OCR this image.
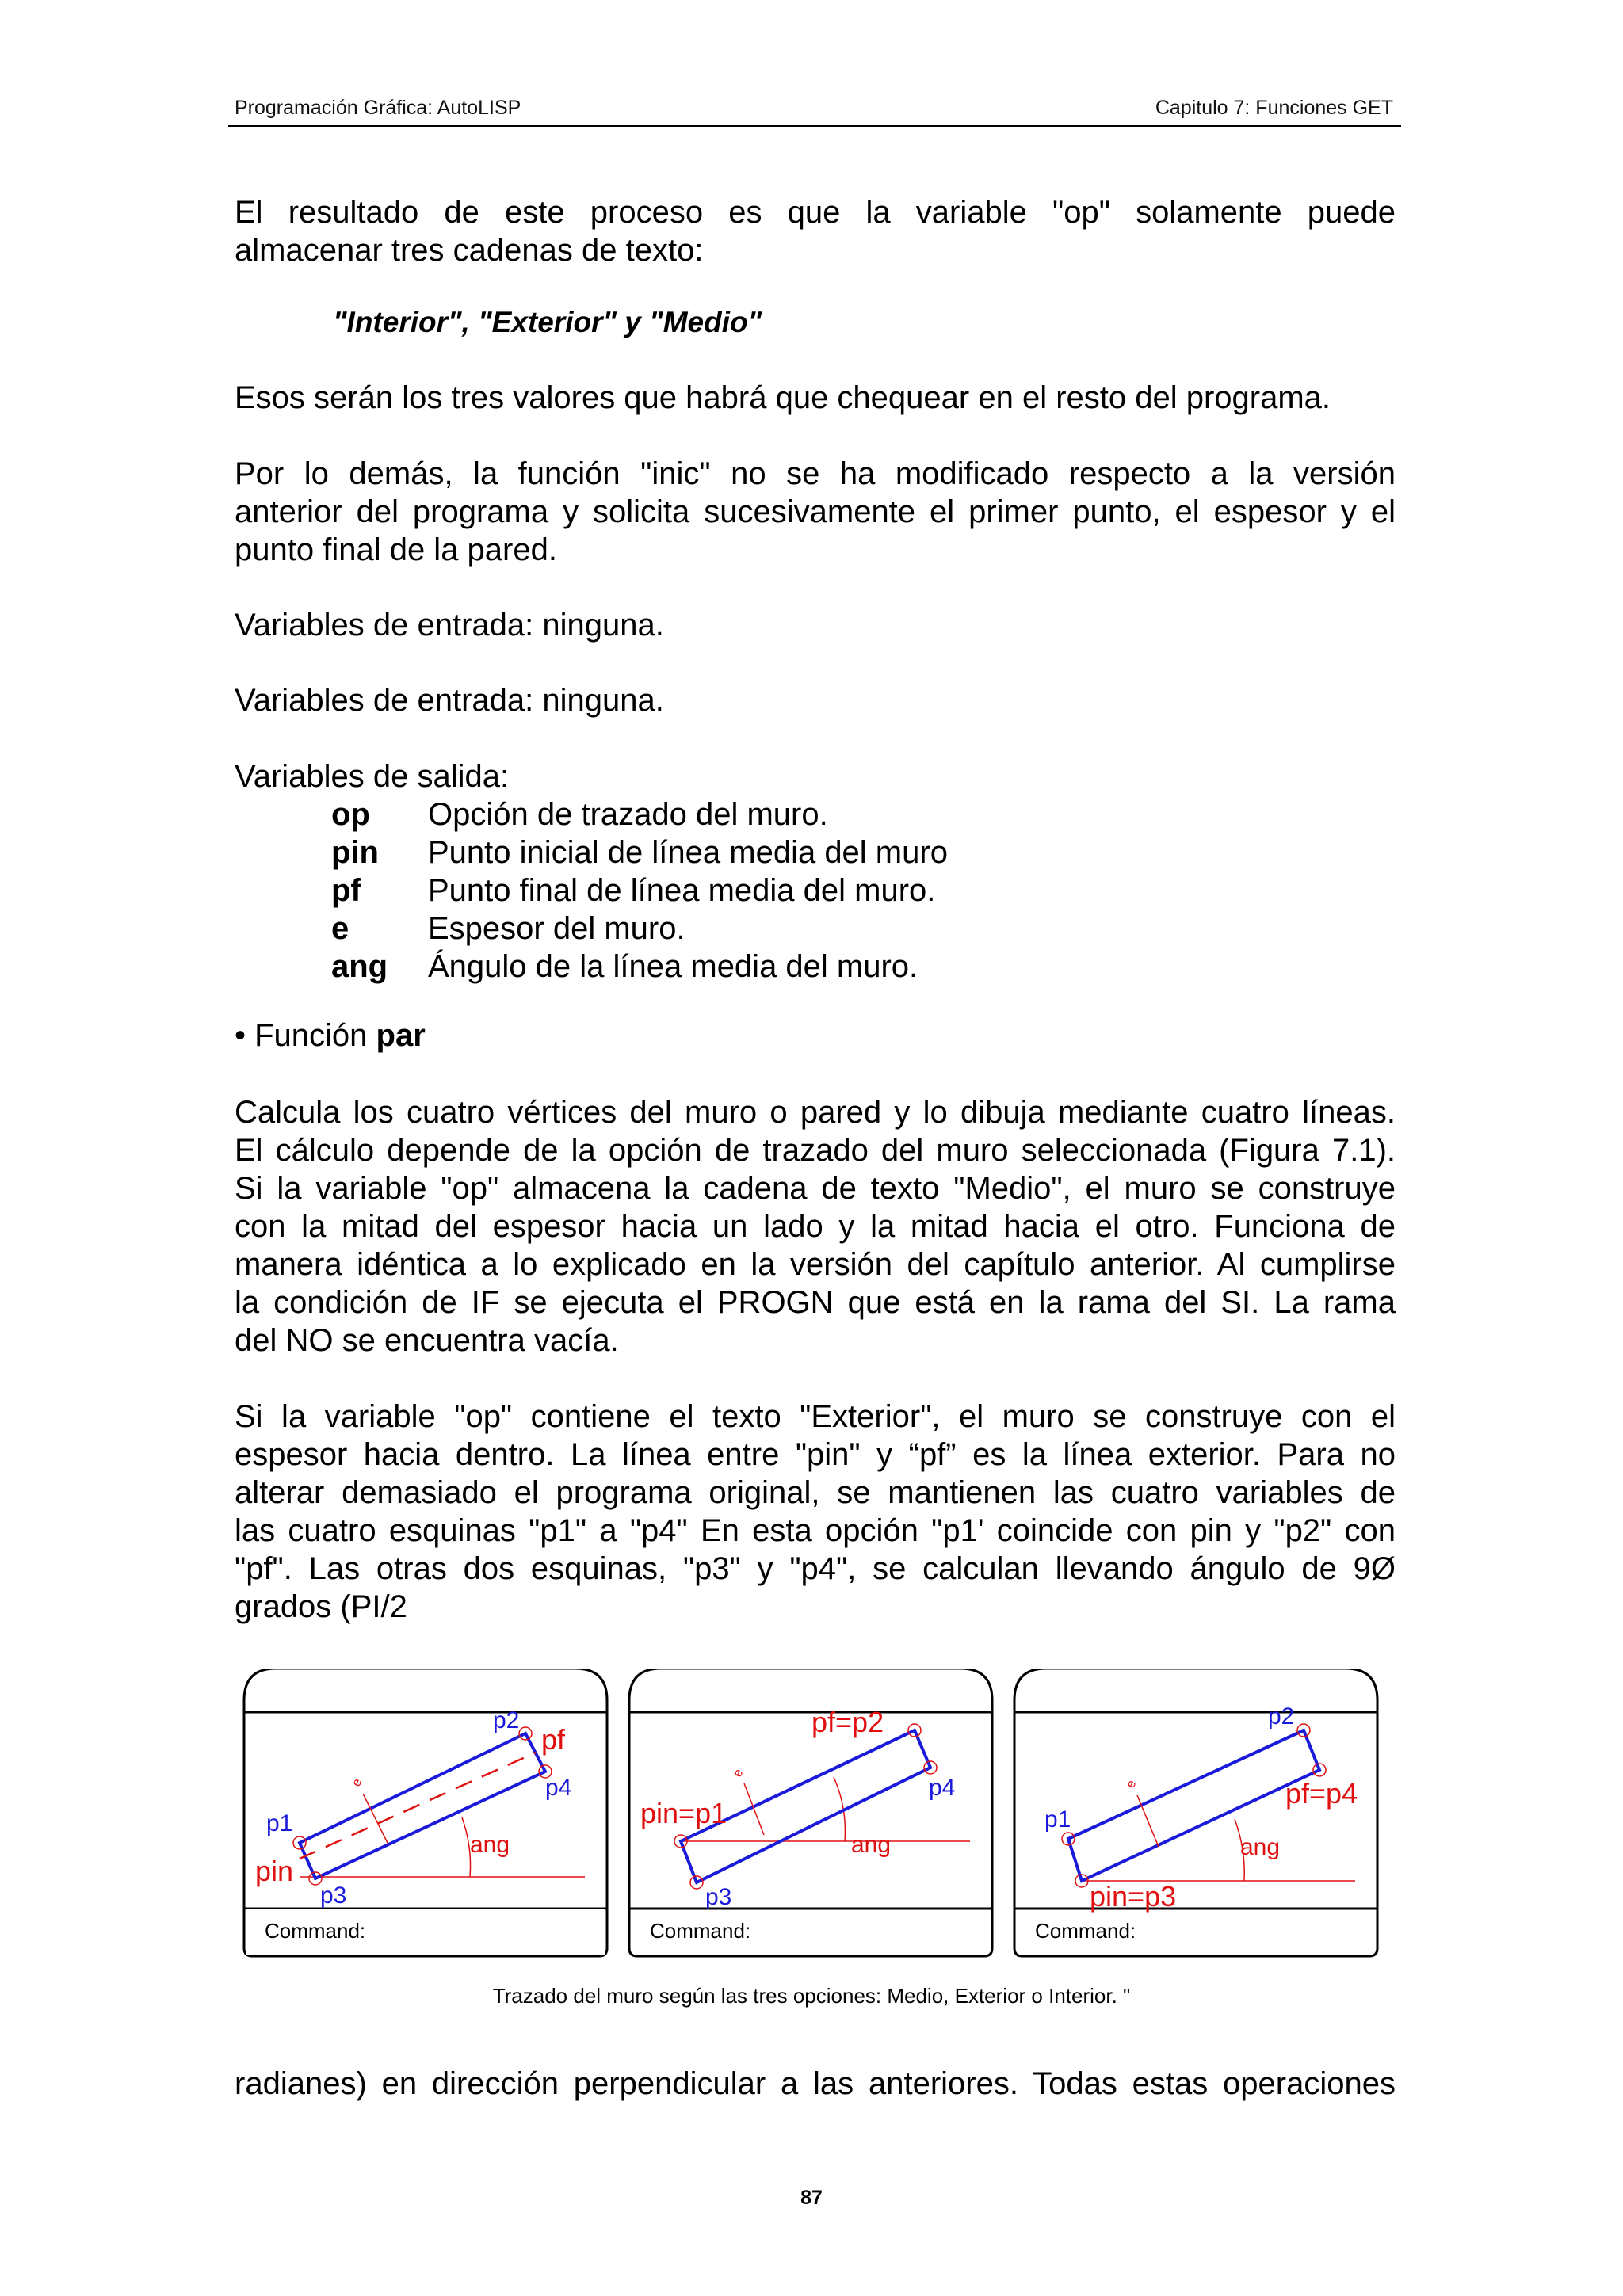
Programación Gráfica: AutoLISP	Capitulo 7: Funciones GET
El resultado de este proceso es que la variable "op" solamente puede
almacenar tres cadenas de texto:
"Interior", "Exterior" y "Medio"
Esos serán los tres valores que habrá que chequear en el resto del programa.
Por lo demás, la función "inic" no se ha modificado respecto a la versión
anterior del programa y solicita sucesivamente el primer punto, el espesor y el
punto final de la pared.
Variables de entrada: ninguna.
Variables de entrada: ninguna.
Variables de salida:
op Opción de trazado del muro.
pin Punto inicial de línea media del muro
pf Punto final de línea media del muro.
e Espesor del muro.
ang Ángulo de la línea media del muro.
• Función par
Calcula los cuatro vértices del muro o pared y lo dibuja mediante cuatro líneas.
El cálculo depende de la opción de trazado del muro seleccionada (Figura 7.1).
Si la variable "op" almacena la cadena de texto "Medio", el muro se construye
con la mitad del espesor hacia un lado y la mitad hacia el otro. Funciona de
manera idéntica a lo explicado en la versión del capítulo anterior. Al cumplirse
la condición de IF se ejecuta el PROGN que está en la rama del SI. La rama
del NO se encuentra vacía.
Si la variable "op" contiene el texto "Exterior", el muro se construye con el
espesor hacia dentro. La línea entre "pin" y “pf” es la línea exterior. Para no
alterar demasiado el programa original, se mantienen las cuatro variables de
las cuatro esquinas "p1" a "p4" En esta opción "p1' coincide con pin y "p2" con
"pf". Las otras dos esquinas, "p3" y "p4", se calculan llevando ángulo de 9Ø
grados (PI/2
Command:
e
p1
p2
p3
p4
pin
pf
ang
Command:
e
pin=p1
pf=p2
p3
p4
ang
Command:
e
p1
p2
pf=p4
pin=p3
ang
Trazado del muro según las tres opciones: Medio, Exterior o Interior. "
radianes) en dirección perpendicular a las anteriores. Todas estas operaciones
87
